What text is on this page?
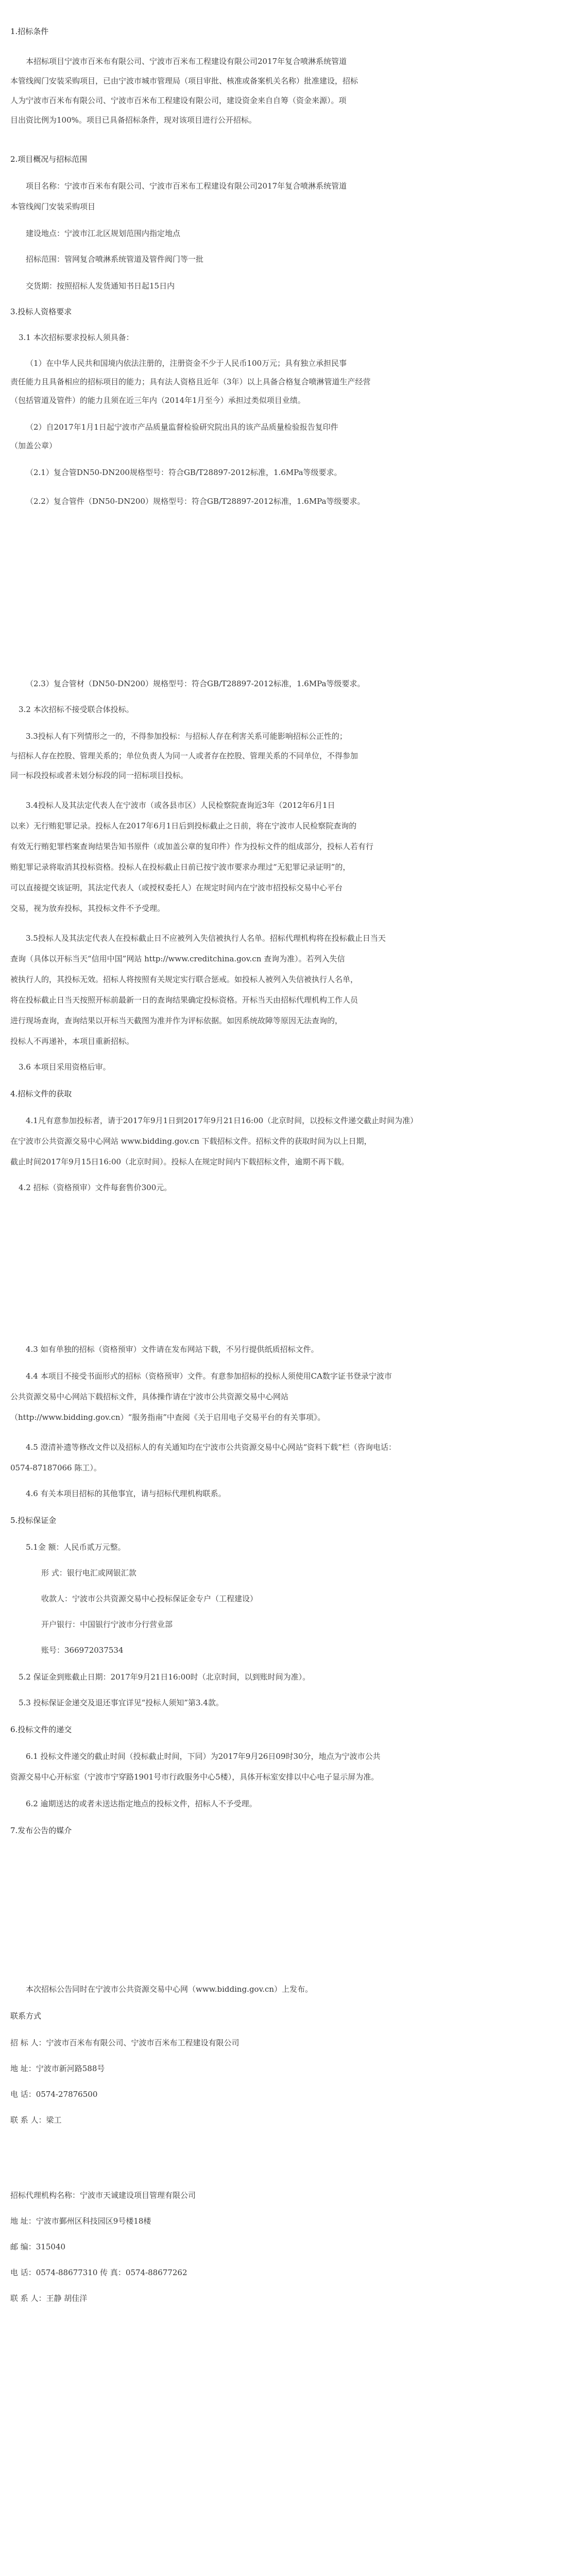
1.招标条件
本招标项目宁波市百米布有限公司、宁波市百米布工程建设有限公司2017年复合喷淋系统管道
本管线阀门安装采购项目，已由宁波市城市管理局（项目审批、核准或备案机关名称）批准建设，招标
人为宁波市百米布有限公司、宁波市百米布工程建设有限公司，建设资金来自自筹（资金来源）。项
目出资比例为100%。项目已具备招标条件，现对该项目进行公开招标。
2.项目概况与招标范围
项目名称：宁波市百米布有限公司、宁波市百米布工程建设有限公司2017年复合喷淋系统管道
本管线阀门安装采购项目
建设地点：宁波市江北区规划范围内指定地点
招标范围：管网复合喷淋系统管道及管件阀门等一批
交货期：按照招标人发货通知书日起15日内
3.投标人资格要求
3.1 本次招标要求投标人须具备：
（1）在中华人民共和国境内依法注册的，注册资金不少于人民币100万元；具有独立承担民事
责任能力且具备相应的招标项目的能力；具有法人资格且近年（3年）以上具备合格复合喷淋管道生产经营
（包括管道及管件）的能力且须在近三年内（2014年1月至今）承担过类似项目业绩。
（2）自2017年1月1日起宁波市产品质量监督检验研究院出具的该产品质量检验报告复印件
（加盖公章）
（2.1）复合管DN50-DN200规格型号：符合GB/T28897-2012标准，1.6MPa等级要求。
（2.2）复合管件（DN50-DN200）规格型号：符合GB/T28897-2012标准，1.6MPa等级要求。
（2.3）复合管材（DN50-DN200）规格型号：符合GB/T28897-2012标准，1.6MPa等级要求。
3.2 本次招标不接受联合体投标。
3.3投标人有下列情形之一的，不得参加投标：与招标人存在利害关系可能影响招标公正性的；
与招标人存在控股、管理关系的；单位负责人为同一人或者存在控股、管理关系的不同单位，不得参加
同一标段投标或者未划分标段的同一招标项目投标。
3.4投标人及其法定代表人在宁波市（或各县市区）人民检察院查询近3年（2012年6月1日
以来）无行贿犯罪记录。投标人在2017年6月1日后到投标截止之日前，将在宁波市人民检察院查询的
有效无行贿犯罪档案查询结果告知书原件（或加盖公章的复印件）作为投标文件的组成部分，投标人若有行
贿犯罪记录将取消其投标资格。投标人在投标截止日前已按宁波市要求办理过“无犯罪记录证明”的，
可以直接提交该证明，其法定代表人（或授权委托人）在规定时间内在宁波市招投标交易中心平台
交易，视为放弃投标，其投标文件不予受理。
3.5投标人及其法定代表人在投标截止日不应被列入失信被执行人名单。招标代理机构将在投标截止日当天
查询（具体以开标当天“信用中国”网站 http://www.creditchina.gov.cn 查询为准）。若列入失信
被执行人的，其投标无效。招标人将按照有关规定实行联合惩戒。如投标人被列入失信被执行人名单，
将在投标截止日当天按照开标前最新一日的查询结果确定投标资格。开标当天由招标代理机构工作人员
进行现场查询，查询结果以开标当天截图为准并作为评标依据。如因系统故障等原因无法查询的，
投标人不再递补，本项目重新招标。
3.6 本项目采用资格后审。
4.招标文件的获取
4.1凡有意参加投标者，请于2017年9月1日到2017年9月21日16:00（北京时间，以投标文件递交截止时间为准）
在宁波市公共资源交易中心网站 www.bidding.gov.cn 下载招标文件。招标文件的获取时间为以上日期，
截止时间2017年9月15日16:00（北京时间）。投标人在规定时间内下载招标文件，逾期不再下载。
4.2 招标（资格预审）文件每套售价300元。
4.3 如有单独的招标（资格预审）文件请在发布网站下载，不另行提供纸质招标文件。
4.4 本项目不接受书面形式的招标（资格预审）文件。有意参加招标的投标人须使用CA数字证书登录宁波市
公共资源交易中心网站下载招标文件，具体操作请在宁波市公共资源交易中心网站
（http://www.bidding.gov.cn）“服务指南”中查阅《关于启用电子交易平台的有关事项》。
4.5 澄清补遗等修改文件以及招标人的有关通知均在宁波市公共资源交易中心网站“资料下载”栏（咨询电话：
0574-87187066 陈工）。
4.6 有关本项目招标的其他事宜，请与招标代理机构联系。
5.投标保证金
5.1金 额：人民币贰万元整。
形 式：银行电汇或网银汇款
收款人：宁波市公共资源交易中心投标保证金专户（工程建设）
开户银行：中国银行宁波市分行营业部
账号：366972037534
5.2 保证金到账截止日期：2017年9月21日16:00时（北京时间，以到账时间为准）。
5.3 投标保证金递交及退还事宜详见“投标人须知”第3.4款。
6.投标文件的递交
6.1 投标文件递交的截止时间（投标截止时间，下同）为2017年9月26日09时30分，地点为宁波市公共
资源交易中心开标室（宁波市宁穿路1901号市行政服务中心5楼），具体开标室安排以中心电子显示屏为准。
6.2 逾期送达的或者未送达指定地点的投标文件，招标人不予受理。
7.发布公告的媒介
本次招标公告同时在宁波市公共资源交易中心网（www.bidding.gov.cn）上发布。
联系方式
招 标 人：宁波市百米布有限公司、宁波市百米布工程建设有限公司
地 址：宁波市新河路588号
电 话：0574-27876500
联 系 人：梁工
招标代理机构名称：宁波市天诚建设项目管理有限公司
地 址：宁波市鄞州区科技园区9号楼18楼
邮 编：315040
电 话：0574-88677310 传 真：0574-88677262
联 系 人：王静 胡佳洋
